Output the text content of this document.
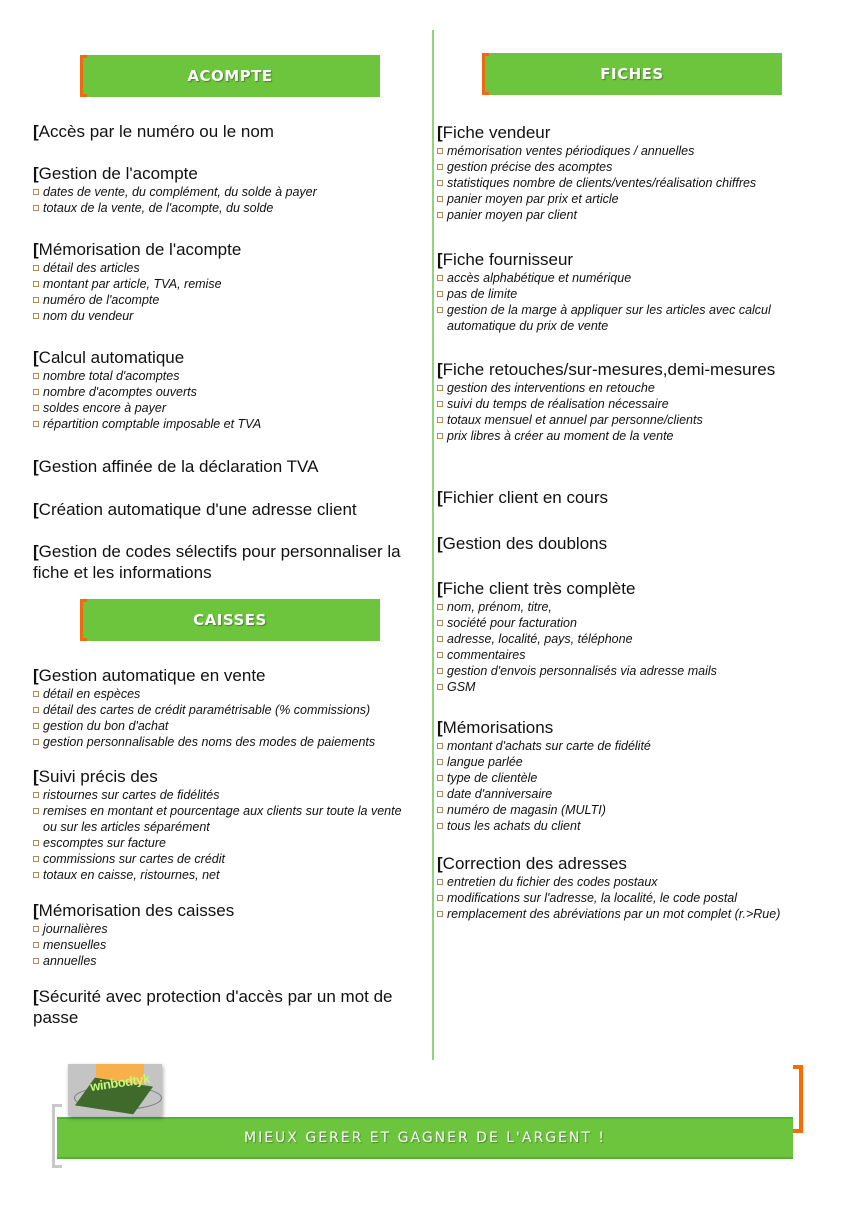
ACOMPTE
[ Accès par le numéro ou le nom
[ Gestion de l'acompte
dates de vente, du complément, du solde à payer
totaux de la vente, de l'acompte, du solde
[ Mémorisation de l'acompte
détail des articles
montant par article, TVA, remise
numéro de l'acompte
nom du vendeur
[ Calcul automatique
nombre total d'acomptes
nombre d'acomptes ouverts
soldes encore à payer
répartition comptable imposable et TVA
[ Gestion affinée de la déclaration TVA
[ Création automatique d'une adresse client
[ Gestion de codes sélectifs pour personnaliser la fiche et les informations
CAISSES
[ Gestion automatique en vente
détail en espèces
détail des cartes de crédit paramétrisable (% commissions)
gestion du bon d'achat
gestion personnalisable des noms des modes de paiements
[ Suivi précis des
ristournes sur cartes de fidélités
remises en montant et pourcentage aux clients sur toute la vente ou sur les articles séparément
escomptes sur facture
commissions sur cartes de crédit
totaux en caisse, ristournes, net
[ Mémorisation des caisses
journalières
mensuelles
annuelles
[ Sécurité avec protection d'accès par un mot de passe
FICHES
[ Fiche vendeur
mémorisation ventes périodiques / annuelles
gestion précise des acomptes
statistiques nombre de clients/ventes/réalisation chiffres
panier moyen par prix et article
panier moyen par client
[ Fiche fournisseur
accès alphabétique et numérique
pas de limite
gestion de la marge à appliquer sur les articles avec calcul automatique du prix de vente
[ Fiche retouches/sur-mesures,demi-mesures
gestion des interventions en retouche
suivi du temps de réalisation nécessaire
totaux mensuel et annuel par personne/clients
prix libres à créer au moment de la vente
[ Fichier client en cours
[ Gestion des doublons
[ Fiche client très complète
nom, prénom, titre,
société pour facturation
adresse, localité, pays, téléphone
commentaires
gestion d'envois personnalisés via adresse mails
GSM
[ Mémorisations
montant d'achats sur carte de fidélité
langue parlée
type de clientèle
date d'anniversaire
numéro de magasin (MULTI)
tous les achats du client
[ Correction des adresses
entretien du fichier des codes postaux
modifications sur l'adresse, la localité, le code postal
remplacement des abréviations par un mot complet (r.>Rue)
MIEUX GERER ET GAGNER DE L'ARGENT !
winbodtyk
